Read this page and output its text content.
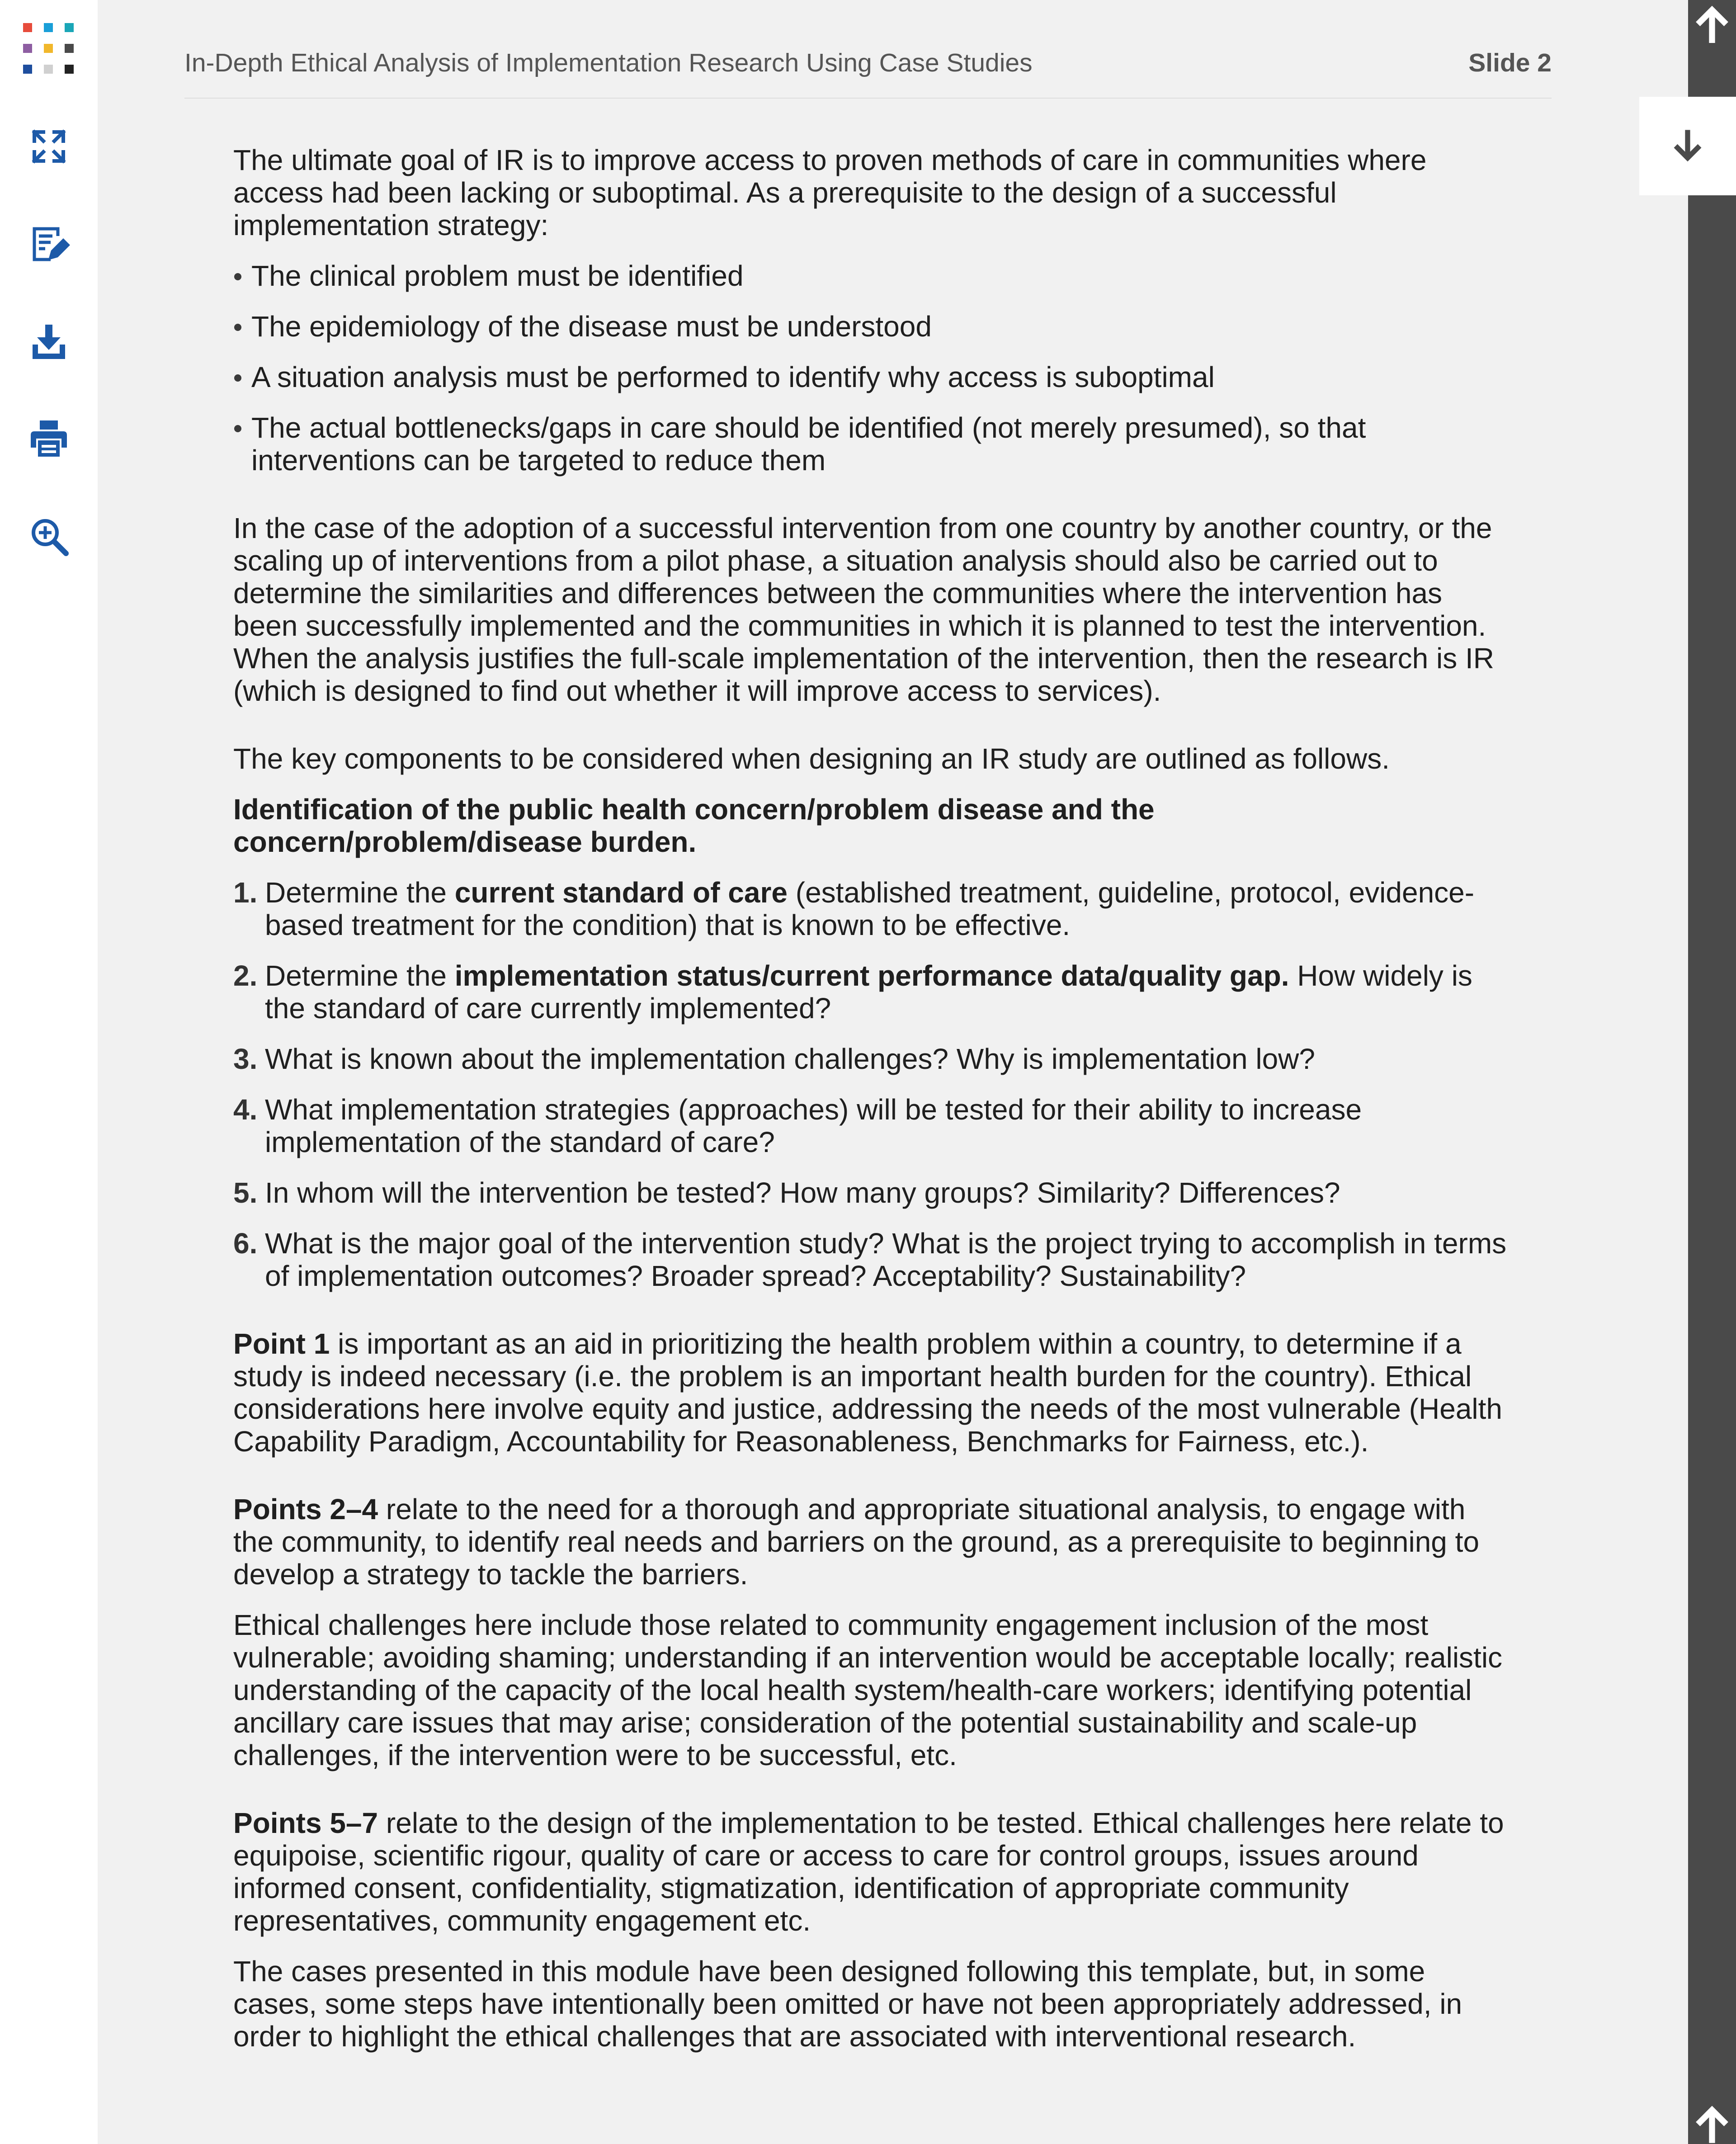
In-Depth Ethical Analysis of Implementation Research Using Case Studies	Slide 2

The ultimate goal of IR is to improve access to proven methods of care in communities where access had been lacking or suboptimal. As a prerequisite to the design of a successful implementation strategy:

The clinical problem must be identified
The epidemiology of the disease must be understood
A situation analysis must be performed to identify why access is suboptimal
The actual bottlenecks/gaps in care should be identified (not merely presumed), so that interventions can be targeted to reduce them

In the case of the adoption of a successful intervention from one country by another country, or the scaling up of interventions from a pilot phase, a situation analysis should also be carried out to determine the similarities and differences between the communities where the intervention has been successfully implemented and the communities in which it is planned to test the intervention. When the analysis justifies the full-scale implementation of the intervention, then the research is IR (which is designed to find out whether it will improve access to services).

The key components to be considered when designing an IR study are outlined as follows.

Identification of the public health concern/problem disease and the concern/problem/disease burden.

1. Determine the current standard of care (established treatment, guideline, protocol, evidence-based treatment for the condition) that is known to be effective.
2. Determine the implementation status/current performance data/quality gap. How widely is the standard of care currently implemented?
3. What is known about the implementation challenges? Why is implementation low?
4. What implementation strategies (approaches) will be tested for their ability to increase implementation of the standard of care?
5. In whom will the intervention be tested? How many groups? Similarity? Differences?
6. What is the major goal of the intervention study? What is the project trying to accomplish in terms of implementation outcomes? Broader spread? Acceptability? Sustainability?

Point 1 is important as an aid in prioritizing the health problem within a country, to determine if a study is indeed necessary (i.e. the problem is an important health burden for the country). Ethical considerations here involve equity and justice, addressing the needs of the most vulnerable (Health Capability Paradigm, Accountability for Reasonableness, Benchmarks for Fairness, etc.).

Points 2–4 relate to the need for a thorough and appropriate situational analysis, to engage with the community, to identify real needs and barriers on the ground, as a prerequisite to beginning to develop a strategy to tackle the barriers.

Ethical challenges here include those related to community engagement inclusion of the most vulnerable; avoiding shaming; understanding if an intervention would be acceptable locally; realistic understanding of the capacity of the local health system/health-care workers; identifying potential ancillary care issues that may arise; consideration of the potential sustainability and scale-up challenges, if the intervention were to be successful, etc.

Points 5–7 relate to the design of the implementation to be tested. Ethical challenges here relate to equipoise, scientific rigour, quality of care or access to care for control groups, issues around informed consent, confidentiality, stigmatization, identification of appropriate community representatives, community engagement etc.

The cases presented in this module have been designed following this template, but, in some cases, some steps have intentionally been omitted or have not been appropriately addressed, in order to highlight the ethical challenges that are associated with interventional research.
